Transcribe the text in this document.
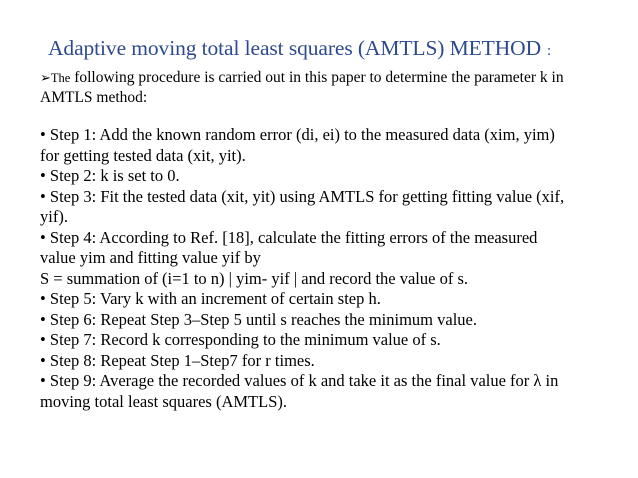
Adaptive moving total least squares (AMTLS) METHOD :
➢The following procedure is carried out in this paper to determine the parameter k in
AMTLS method:
• Step 1: Add the known random error (di, ei) to the measured data (xim, yim)
for getting tested data (xit, yit).
• Step 2: k is set to 0.
• Step 3: Fit the tested data (xit, yit) using AMTLS for getting fitting value (xif,
yif).
• Step 4: According to Ref. [18], calculate the fitting errors of the measured
value yim and fitting value yif by
S = summation of (i=1 to n) | yim- yif | and record the value of s.
• Step 5: Vary k with an increment of certain step h.
• Step 6: Repeat Step 3–Step 5 until s reaches the minimum value.
• Step 7: Record k corresponding to the minimum value of s.
• Step 8: Repeat Step 1–Step7 for r times.
• Step 9: Average the recorded values of k and take it as the final value for λ in
moving total least squares (AMTLS).
